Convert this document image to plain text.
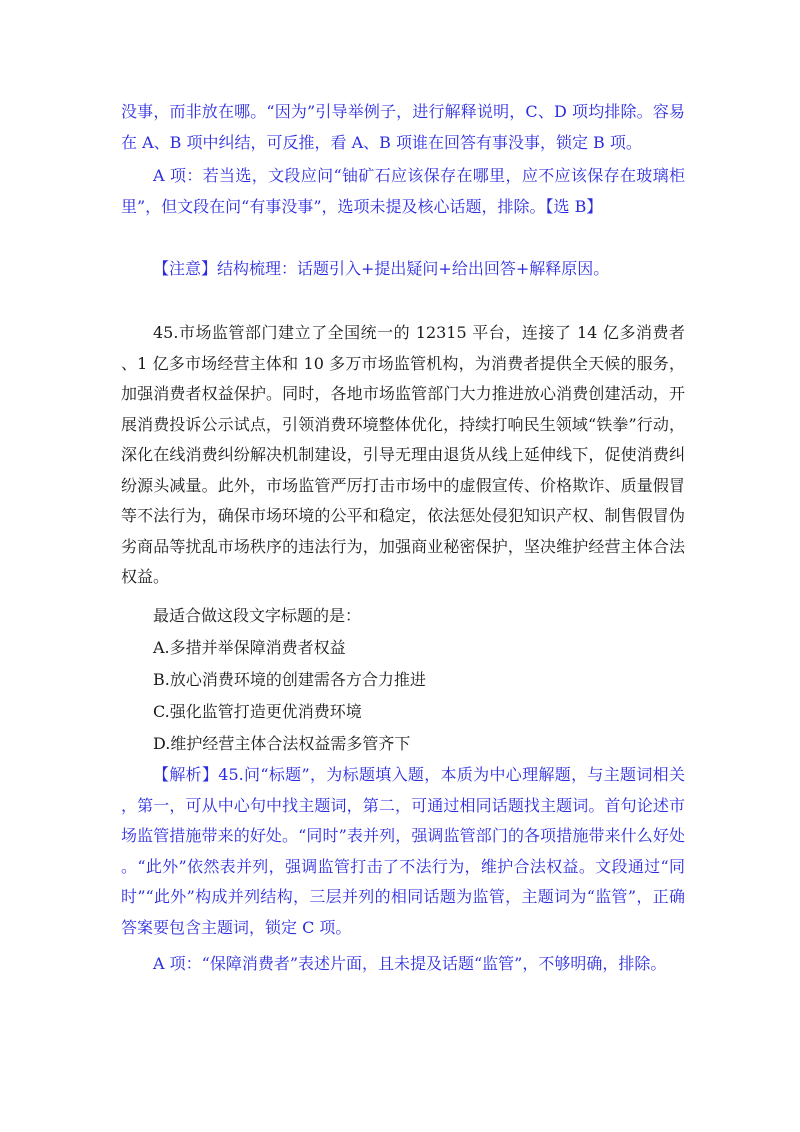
没事，而非放在哪。“因为”引导举例子，进行解释说明，C、D 项均排除。容易在 A、B 项中纠结，可反推，看 A、B 项谁在回答有事没事，锁定 B 项。

A 项：若当选，文段应问“铀矿石应该保存在哪里，应不应该保存在玻璃柜里”，但文段在问“有事没事”，选项未提及核心话题，排除。【选 B】

【注意】结构梳理：话题引入+提出疑问+给出回答+解释原因。

45.市场监管部门建立了全国统一的 12315 平台，连接了 14 亿多消费者、1 亿多市场经营主体和 10 多万市场监管机构，为消费者提供全天候的服务，加强消费者权益保护。同时，各地市场监管部门大力推进放心消费创建活动，开展消费投诉公示试点，引领消费环境整体优化，持续打响民生领域“铁拳”行动，深化在线消费纠纷解决机制建设，引导无理由退货从线上延伸线下，促使消费纠纷源头减量。此外，市场监管严厉打击市场中的虚假宣传、价格欺诈、质量假冒等不法行为，确保市场环境的公平和稳定，依法惩处侵犯知识产权、制售假冒伪劣商品等扰乱市场秩序的违法行为，加强商业秘密保护，坚决维护经营主体合法权益。

最适合做这段文字标题的是：

A.多措并举保障消费者权益

B.放心消费环境的创建需各方合力推进

C.强化监管打造更优消费环境

D.维护经营主体合法权益需多管齐下

【解析】45.问“标题”，为标题填入题，本质为中心理解题，与主题词相关，第一，可从中心句中找主题词，第二，可通过相同话题找主题词。首句论述市场监管措施带来的好处。“同时”表并列，强调监管部门的各项措施带来什么好处。“此外”依然表并列，强调监管打击了不法行为，维护合法权益。文段通过“同时”“此外”构成并列结构，三层并列的相同话题为监管，主题词为“监管”，正确答案要包含主题词，锁定 C 项。

A 项：“保障消费者”表述片面，且未提及话题“监管”，不够明确，排除。
